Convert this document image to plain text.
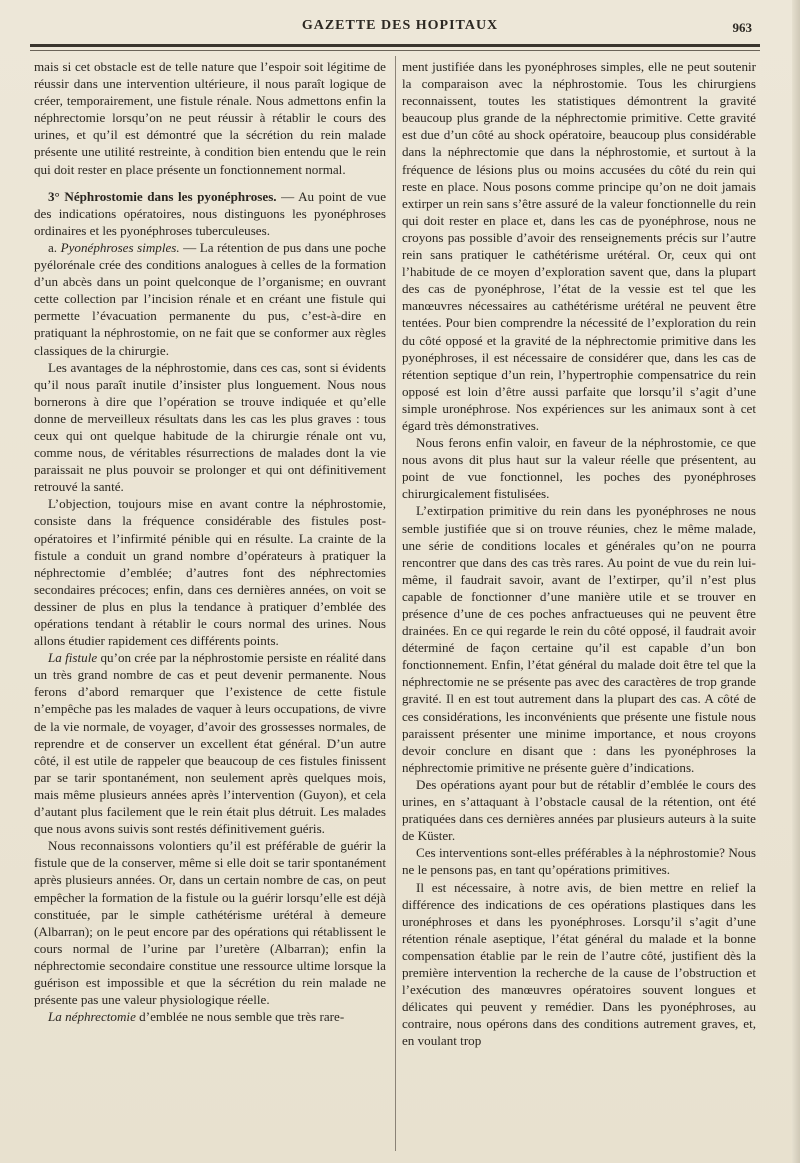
GAZETTE DES HOPITAUX	963

mais si cet obstacle est de telle nature que l’espoir soit légitime de réussir dans une intervention ultérieure, il nous paraît logique de créer, temporairement, une fistule rénale. Nous admettons enfin la néphrectomie lorsqu’on ne peut réussir à rétablir le cours des urines, et qu’il est démontré que la sécrétion du rein malade présente une utilité restreinte, à condition bien entendu que le rein qui doit rester en place présente un fonctionnement normal.

3° Néphrostomie dans les pyonéphroses. — Au point de vue des indications opératoires, nous distinguons les pyonéphroses ordinaires et les pyonéphroses tuberculeuses.

a. Pyonéphroses simples. — La rétention de pus dans une poche pyélorénale crée des conditions analogues à celles de la formation d’un abcès dans un point quelconque de l’organisme; en ouvrant cette collection par l’incision rénale et en créant une fistule qui permette l’évacuation permanente du pus, c’est-à-dire en pratiquant la néphrostomie, on ne fait que se conformer aux règles classiques de la chirurgie.

Les avantages de la néphrostomie, dans ces cas, sont si évidents qu’il nous paraît inutile d’insister plus longuement. Nous nous bornerons à dire que l’opération se trouve indiquée et qu’elle donne de merveilleux résultats dans les cas les plus graves : tous ceux qui ont quelque habitude de la chirurgie rénale ont vu, comme nous, de véritables résurrections de malades dont la vie paraissait ne plus pouvoir se prolonger et qui ont définitivement retrouvé la santé.

L’objection, toujours mise en avant contre la néphrostomie, consiste dans la fréquence considérable des fistules post-opératoires et l’infirmité pénible qui en résulte. La crainte de la fistule a conduit un grand nombre d’opérateurs à pratiquer la néphrectomie d’emblée; d’autres font des néphrectomies secondaires précoces; enfin, dans ces dernières années, on voit se dessiner de plus en plus la tendance à pratiquer d’emblée des opérations tendant à rétablir le cours normal des urines. Nous allons étudier rapidement ces différents points.

La fistule qu’on crée par la néphrostomie persiste en réalité dans un très grand nombre de cas et peut devenir permanente. Nous ferons d’abord remarquer que l’existence de cette fistule n’empêche pas les malades de vaquer à leurs occupations, de vivre de la vie normale, de voyager, d’avoir des grossesses normales, de reprendre et de conserver un excellent état général. D’un autre côté, il est utile de rappeler que beaucoup de ces fistules finissent par se tarir spontanément, non seulement après quelques mois, mais même plusieurs années après l’intervention (Guyon), et cela d’autant plus facilement que le rein était plus détruit. Les malades que nous avons suivis sont restés définitivement guéris.

Nous reconnaissons volontiers qu’il est préférable de guérir la fistule que de la conserver, même si elle doit se tarir spontanément après plusieurs années. Or, dans un certain nombre de cas, on peut empêcher la formation de la fistule ou la guérir lorsqu’elle est déjà constituée, par le simple cathétérisme urétéral à demeure (Albarran); on le peut encore par des opérations qui rétablissent le cours normal de l’urine par l’uretère (Albarran); enfin la néphrectomie secondaire constitue une ressource ultime lorsque la guérison est impossible et que la sécrétion du rein malade ne présente pas une valeur physiologique réelle.

La néphrectomie d’emblée ne nous semble que très rare-

ment justifiée dans les pyonéphroses simples, elle ne peut soutenir la comparaison avec la néphrostomie. Tous les chirurgiens reconnaissent, toutes les statistiques démontrent la gravité beaucoup plus grande de la néphrectomie primitive. Cette gravité est due d’un côté au shock opératoire, beaucoup plus considérable dans la néphrectomie que dans la néphrostomie, et surtout à la fréquence de lésions plus ou moins accusées du côté du rein qui reste en place. Nous posons comme principe qu’on ne doit jamais extirper un rein sans s’être assuré de la valeur fonctionnelle du rein qui doit rester en place et, dans les cas de pyonéphrose, nous ne croyons pas possible d’avoir des renseignements précis sur l’autre rein sans pratiquer le cathétérisme urétéral. Or, ceux qui ont l’habitude de ce moyen d’exploration savent que, dans la plupart des cas de pyonéphrose, l’état de la vessie est tel que les manœuvres nécessaires au cathétérisme urétéral ne peuvent être tentées. Pour bien comprendre la nécessité de l’exploration du rein du côté opposé et la gravité de la néphrectomie primitive dans les pyonéphroses, il est nécessaire de considérer que, dans les cas de rétention septique d’un rein, l’hypertrophie compensatrice du rein opposé est loin d’être aussi parfaite que lorsqu’il s’agit d’une simple uronéphrose. Nos expériences sur les animaux sont à cet égard très démonstratives.

Nous ferons enfin valoir, en faveur de la néphrostomie, ce que nous avons dit plus haut sur la valeur réelle que présentent, au point de vue fonctionnel, les poches des pyonéphroses chirurgicalement fistulisées.

L’extirpation primitive du rein dans les pyonéphroses ne nous semble justifiée que si on trouve réunies, chez le même malade, une série de conditions locales et générales qu’on ne pourra rencontrer que dans des cas très rares. Au point de vue du rein lui-même, il faudrait savoir, avant de l’extirper, qu’il n’est plus capable de fonctionner d’une manière utile et se trouver en présence d’une de ces poches anfractueuses qui ne peuvent être drainées. En ce qui regarde le rein du côté opposé, il faudrait avoir déterminé de façon certaine qu’il est capable d’un bon fonctionnement. Enfin, l’état général du malade doit être tel que la néphrectomie ne se présente pas avec des caractères de trop grande gravité. Il en est tout autrement dans la plupart des cas. A côté de ces considérations, les inconvénients que présente une fistule nous paraissent présenter une minime importance, et nous croyons devoir conclure en disant que : dans les pyonéphroses la néphrectomie primitive ne présente guère d’indications.

Des opérations ayant pour but de rétablir d’emblée le cours des urines, en s’attaquant à l’obstacle causal de la rétention, ont été pratiquées dans ces dernières années par plusieurs auteurs à la suite de Küster.

Ces interventions sont-elles préférables à la néphrostomie? Nous ne le pensons pas, en tant qu’opérations primitives.

Il est nécessaire, à notre avis, de bien mettre en relief la différence des indications de ces opérations plastiques dans les uronéphroses et dans les pyonéphroses. Lorsqu’il s’agit d’une rétention rénale aseptique, l’état général du malade et la bonne compensation établie par le rein de l’autre côté, justifient dès la première intervention la recherche de la cause de l’obstruction et l’exécution des manœuvres opératoires souvent longues et délicates qui peuvent y remédier. Dans les pyonéphroses, au contraire, nous opérons dans des conditions autrement graves, et, en voulant trop
